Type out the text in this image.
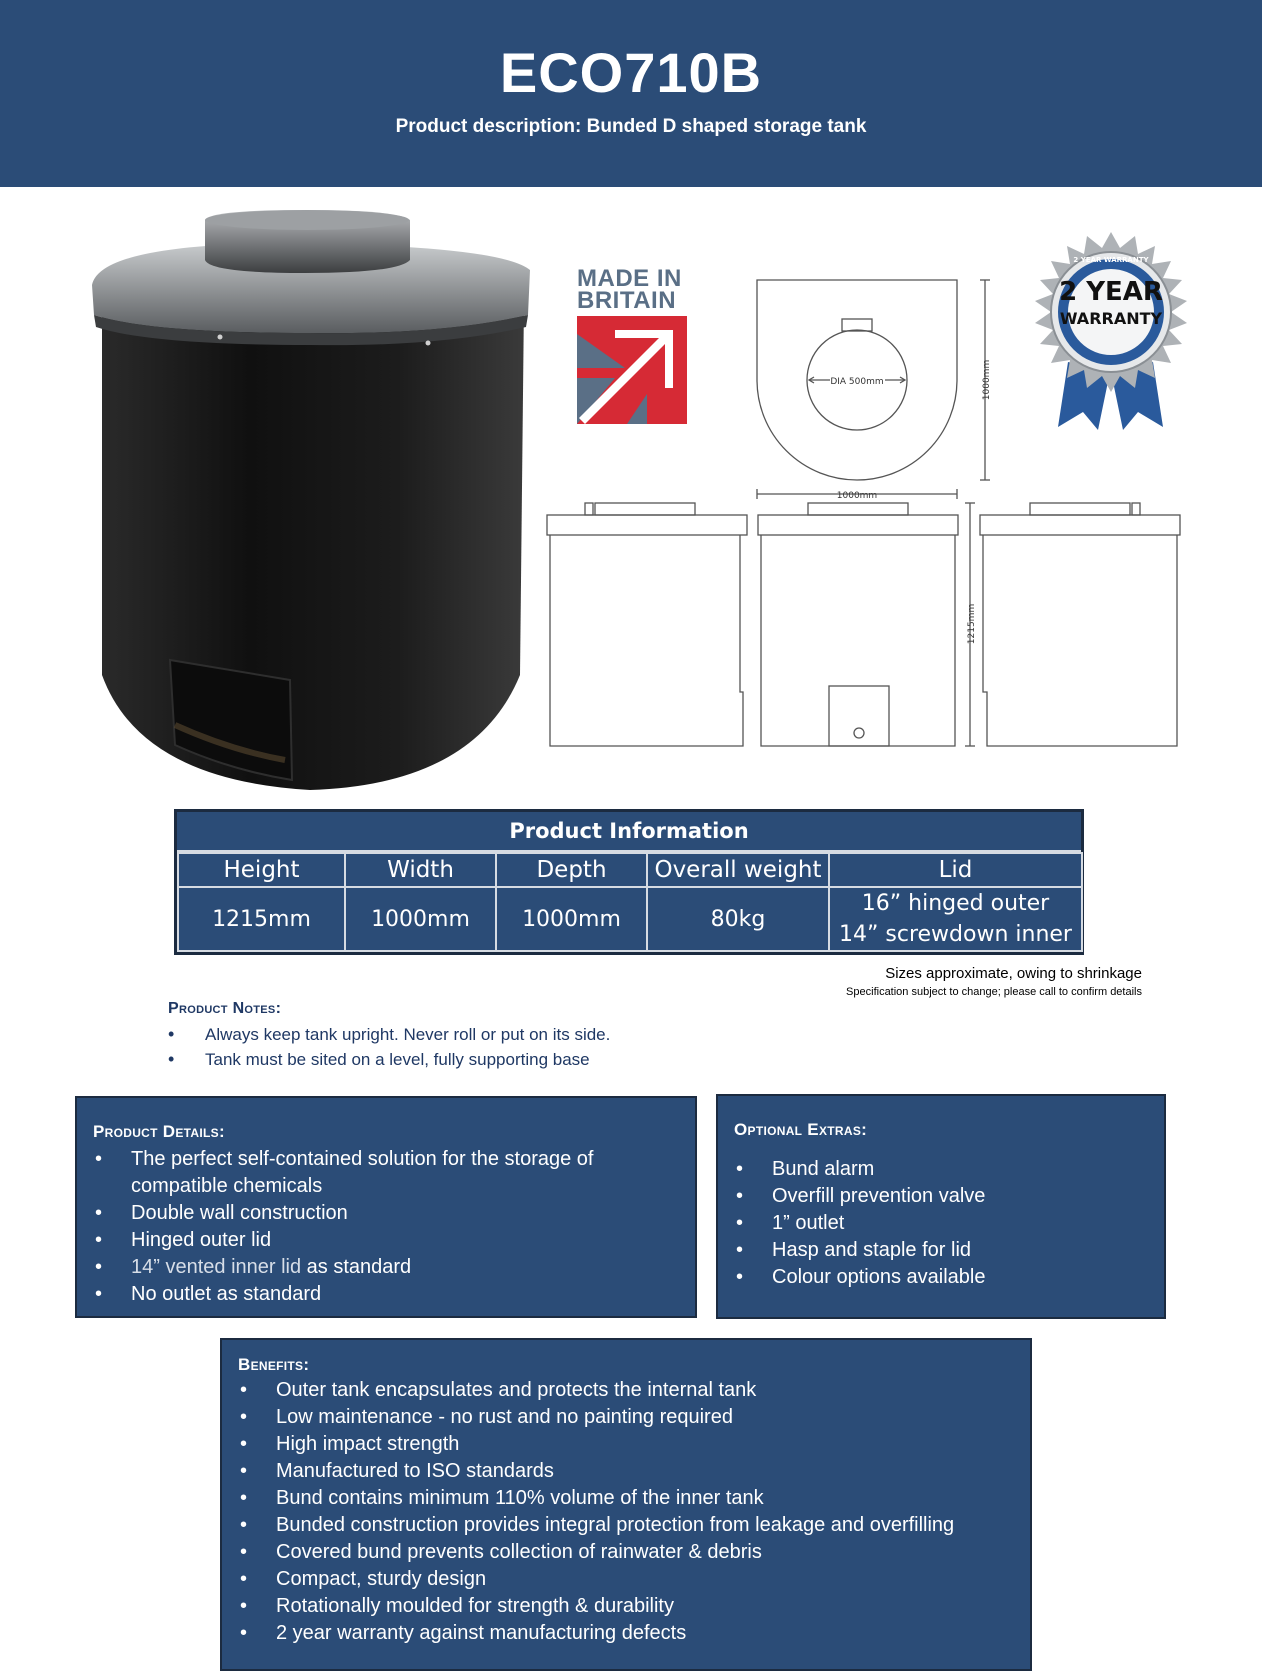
ECO710B
Product description: Bunded D shaped storage tank
MADE IN
BRITAIN
DIA 500mm
1000mm
1000mm
1215mm
2 YEAR
WARRANTY
2 YEAR WARRANTY
Product Information
Height	Width	Depth	Overall weight	Lid
1215mm	1000mm	1000mm	80kg	16” hinged outer
14” screwdown inner
Sizes approximate, owing to shrinkage
Specification subject to change; please call to confirm details
Product Notes:
• Always keep tank upright. Never roll or put on its side.
• Tank must be sited on a level, fully supporting base
Product Details:
• The perfect self-contained solution for the storage of compatible chemicals
• Double wall construction
• Hinged outer lid
• 14” vented inner lid as standard
• No outlet as standard
Optional Extras:
• Bund alarm
• Overfill prevention valve
• 1” outlet
• Hasp and staple for lid
• Colour options available
Benefits:
• Outer tank encapsulates and protects the internal tank
• Low maintenance - no rust and no painting required
• High impact strength
• Manufactured to ISO standards
• Bund contains minimum 110% volume of the inner tank
• Bunded construction provides integral protection from leakage and overfilling
• Covered bund prevents collection of rainwater & debris
• Compact, sturdy design
• Rotationally moulded for strength & durability
• 2 year warranty against manufacturing defects
